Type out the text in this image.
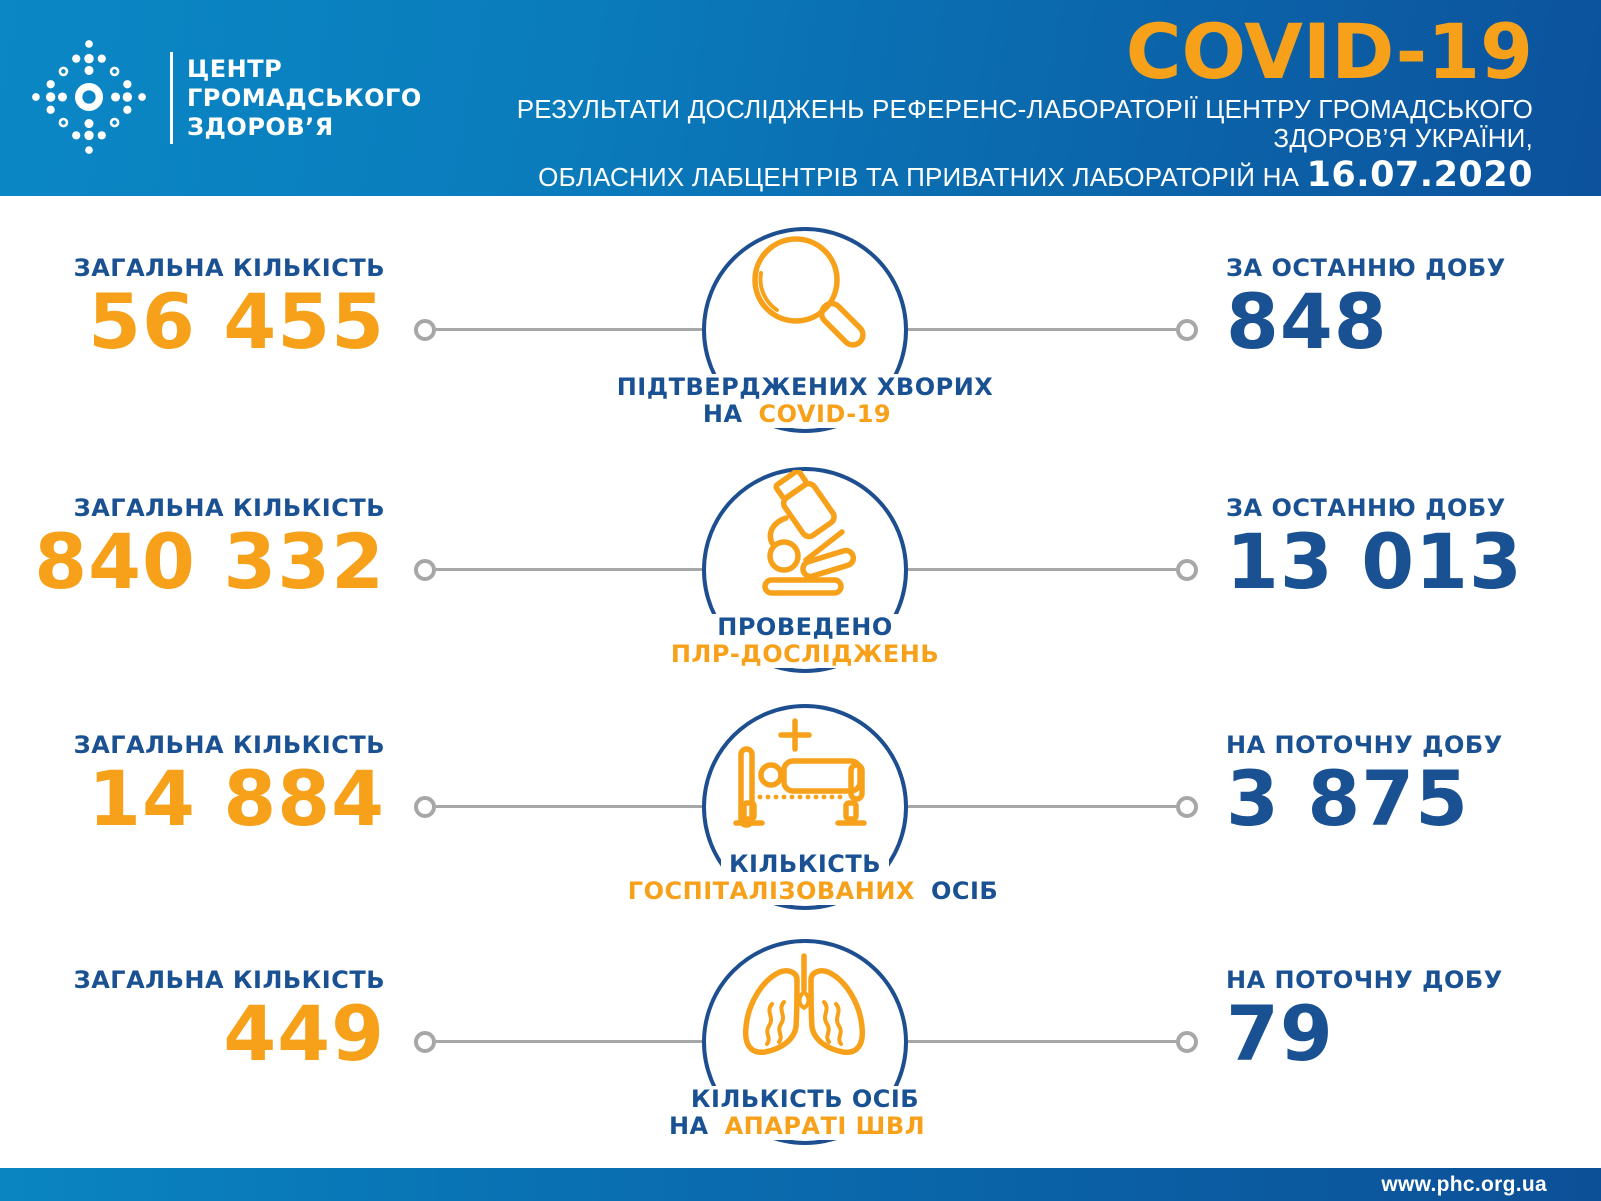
ЦЕНТР
ГРОМАДСЬКОГО
ЗДОРОВ’Я
COVID-19
РЕЗУЛЬТАТИ ДОСЛІДЖЕНЬ РЕФЕРЕНС-ЛАБОРАТОРІЇ ЦЕНТРУ ГРОМАДСЬКОГО ЗДОРОВ’Я УКРАЇНИ,
ОБЛАСНИХ ЛАБЦЕНТРІВ ТА ПРИВАТНИХ ЛАБОРАТОРІЙ НА 16.07.2020
ЗАГАЛЬНА КІЛЬКІСТЬ
56 455
ЗА ОСТАННЮ ДОБУ
848
ПІДТВЕРДЖЕНИХ ХВОРИХ
НАCOVID-19
ЗАГАЛЬНА КІЛЬКІСТЬ
840 332
ЗА ОСТАННЮ ДОБУ
13 013
ПРОВЕДЕНО
ПЛР-ДОСЛІДЖЕНЬ
ЗАГАЛЬНА КІЛЬКІСТЬ
14 884
НА ПОТОЧНУ ДОБУ
3 875
КІЛЬКІСТЬ
ГОСПІТАЛІЗОВАНИХОСІБ
ЗАГАЛЬНА КІЛЬКІСТЬ
449
НА ПОТОЧНУ ДОБУ
79
КІЛЬКІСТЬ ОСІБ
НААПАРАТІ ШВЛ
www.phc.org.ua
